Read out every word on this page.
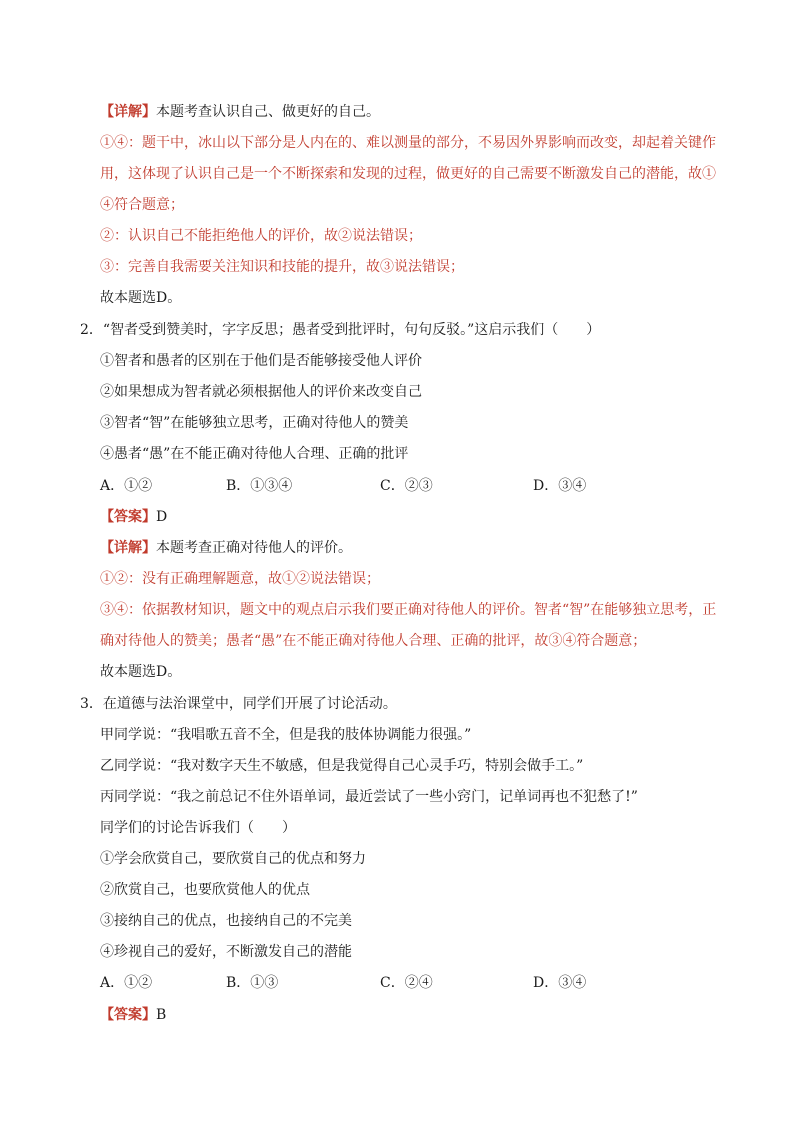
【详解】本题考查认识自己、做更好的自己。
①④：题干中，冰山以下部分是人内在的、难以测量的部分，不易因外界影响而改变，却起着关键作
用，这体现了认识自己是一个不断探索和发现的过程，做更好的自己需要不断激发自己的潜能，故①
④符合题意；
②：认识自己不能拒绝他人的评价，故②说法错误；
③：完善自我需要关注知识和技能的提升，故③说法错误；
故本题选D。
2．“智者受到赞美时，字字反思；愚者受到批评时，句句反驳。”这启示我们（　　）
①智者和愚者的区别在于他们是否能够接受他人评价
②如果想成为智者就必须根据他人的评价来改变自己
③智者“智”在能够独立思考，正确对待他人的赞美
④愚者“愚”在不能正确对待他人合理、正确的批评
A．①②	B．①③④	C．②③	D．③④
【答案】D
【详解】本题考查正确对待他人的评价。
①②：没有正确理解题意，故①②说法错误；
③④：依据教材知识，题文中的观点启示我们要正确对待他人的评价。智者“智”在能够独立思考，正
确对待他人的赞美；愚者“愚”在不能正确对待他人合理、正确的批评，故③④符合题意；
故本题选D。
3．在道德与法治课堂中，同学们开展了讨论活动。
甲同学说：“我唱歌五音不全，但是我的肢体协调能力很强。”
乙同学说：“我对数字天生不敏感，但是我觉得自己心灵手巧，特别会做手工。”
丙同学说：“我之前总记不住外语单词，最近尝试了一些小窍门，记单词再也不犯愁了!”
同学们的讨论告诉我们（　　）
①学会欣赏自己，要欣赏自己的优点和努力
②欣赏自己，也要欣赏他人的优点
③接纳自己的优点，也接纳自己的不完美
④珍视自己的爱好，不断激发自己的潜能
A．①②	B．①③	C．②④	D．③④
【答案】B
